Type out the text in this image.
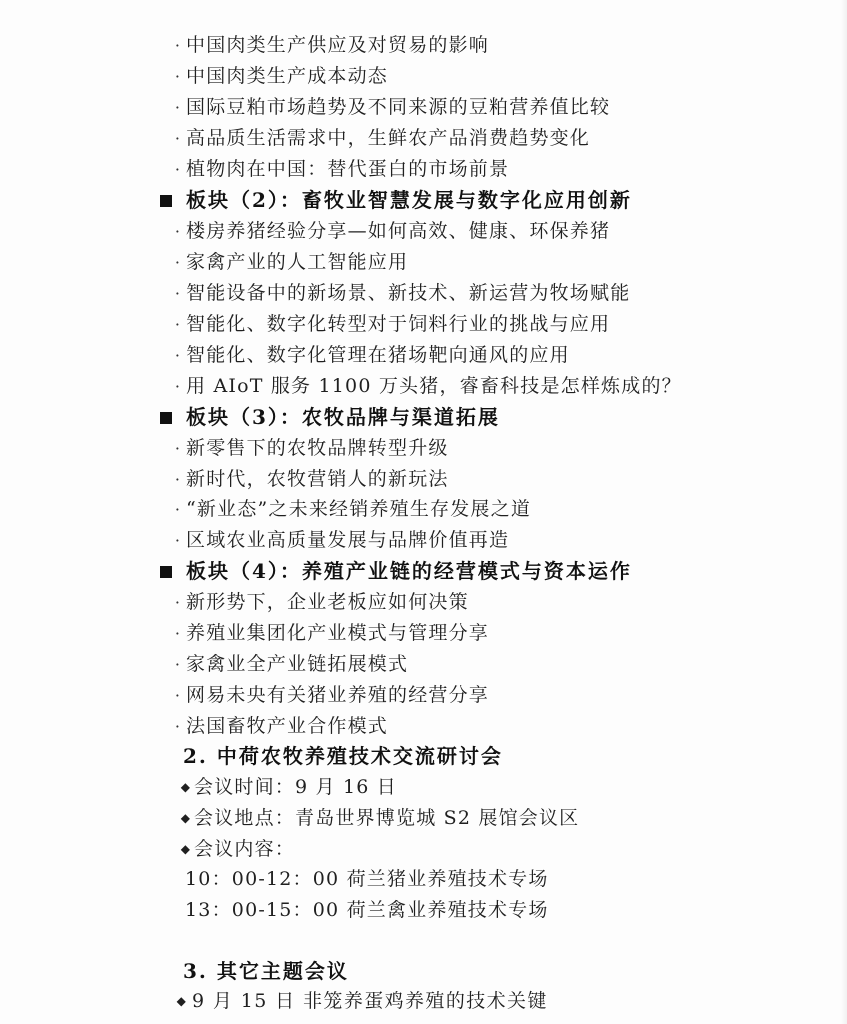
· 中国肉类生产供应及对贸易的影响
· 中国肉类生产成本动态
· 国际豆粕市场趋势及不同来源的豆粕营养值比较
· 高品质生活需求中，生鲜农产品消费趋势变化
· 植物肉在中国：替代蛋白的市场前景
板块（2）：畜牧业智慧发展与数字化应用创新
· 楼房养猪经验分享—如何高效、健康、环保养猪
· 家禽产业的人工智能应用
· 智能设备中的新场景、新技术、新运营为牧场赋能
· 智能化、数字化转型对于饲料行业的挑战与应用
· 智能化、数字化管理在猪场靶向通风的应用
· 用 AIoT 服务 1100 万头猪，睿畜科技是怎样炼成的？
板块（3）：农牧品牌与渠道拓展
· 新零售下的农牧品牌转型升级
· 新时代，农牧营销人的新玩法
· “新业态”之未来经销养殖生存发展之道
· 区域农业高质量发展与品牌价值再造
板块（4）：养殖产业链的经营模式与资本运作
· 新形势下，企业老板应如何决策
· 养殖业集团化产业模式与管理分享
· 家禽业全产业链拓展模式
· 网易未央有关猪业养殖的经营分享
· 法国畜牧产业合作模式
2. 中荷农牧养殖技术交流研讨会
◆ 会议时间：9 月 16 日
◆ 会议地点：青岛世界博览城 S2 展馆会议区
◆ 会议内容：
10：00-12：00 荷兰猪业养殖技术专场
13：00-15：00 荷兰禽业养殖技术专场
3. 其它主题会议
◆ 9 月 15 日 非笼养蛋鸡养殖的技术关键
